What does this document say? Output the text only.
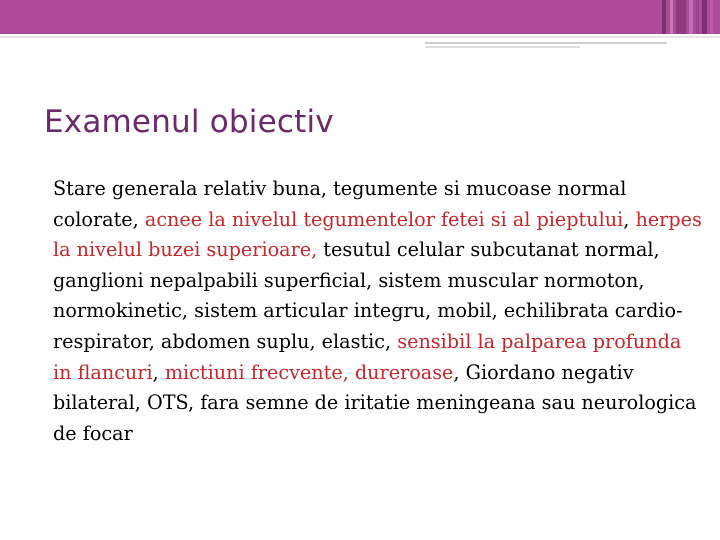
Examenul obiectiv

Stare generala relativ buna, tegumente si mucoase normal colorate, acnee la nivelul tegumentelor fetei si al pieptului, herpes la nivelul buzei superioare, tesutul celular subcutanat normal, ganglioni nepalpabili superficial, sistem muscular normoton, normokinetic, sistem articular integru, mobil, echilibrata cardio-respirator, abdomen suplu, elastic, sensibil la palparea profunda in flancuri, mictiuni frecvente, dureroase, Giordano negativ bilateral, OTS, fara semne de iritatie meningeana sau neurologica de focar
